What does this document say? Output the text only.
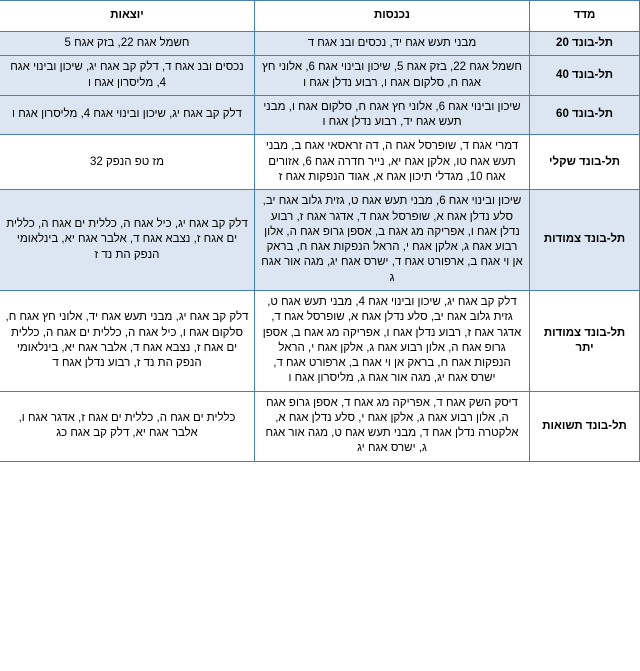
מדד	נכנסות	יוצאות
תל-בונד 20	מבני תעש אגח יד, נכסים ובנ אגח ד	חשמל אגח 22, בזק אגח 5
תל-בונד 40	חשמל אגח 22, בזק אגח 5, שיכון ובינוי אגח 6, אלוני חץ אגח ח, סלקום אגח ו, רבוע נדלן אגח ו	נכסים ובנ אגח ד, דלק קב אגח יג, שיכון ובינוי אגח 4, מליסרון אגח ו
תל-בונד 60	שיכון ובינוי אגח 6, אלוני חץ אגח ח, סלקום אגח ו, מבני תעש אגח יד, רבוע נדלן אגח ו	דלק קב אגח יג, שיכון ובינוי אגח 4, מליסרון אגח ו
תל-בונד שקלי	דמרי אגח ד, שופרסל אגח ה, דה זראסאי אגח ב, מבני תעש אגח טו, אלקן אגח יא, נייר חדרה אגח 6, אזורים אגח 10, מגדלי תיכון אגח א, אגוד הנפקות אגח ז	מז טפ הנפק 32
תל-בונד צמודות	שיכון ובינוי אגח 6, מבני תעש אגח ט, גזית גלוב אגח יב, סלע נדלן אגח א, שופרסל אגח ד, אדגר אגח ז, רבוע נדלן אגח ו, אפריקה מג אגח ב, אספן גרופ אגח ה, אלון רבוע אגח ג, אלקן אגח י, הראל הנפקות אגח ח, בראק אן וי אגח ב, ארפורט אגח ד, ישרס אגח יג, מגה אור אגח ג	דלק קב אגח יג, כיל אגח ה, כללית ים אגח ה, כללית ים אגח ז, נצבא אגח ד, אלבר אגח יא, בינלאומי הנפק הת נד ז
תל-בונד צמודות יתר	דלק קב אגח יג, שיכון ובינוי אגח 4, מבני תעש אגח ט, גזית גלוב אגח יב, סלע נדלן אגח א, שופרסל אגח ד, אדגר אגח ז, רבוע נדלן אגח ו, אפריקה מג אגח ב, אספן גרופ אגח ה, אלון רבוע אגח ג, אלקן אגח י, הראל הנפקות אגח ח, בראק אן וי אגח ב, ארפורט אגח ד, ישרס אגח יג, מגה אור אגח ג, מליסרון אגח ו	דלק קב אגח יג, מבני תעש אגח יד, אלוני חץ אגח ח, סלקום אגח ו, כיל אגח ה, כללית ים אגח ה, כללית ים אגח ז, נצבא אגח ד, אלבר אגח יא, בינלאומי הנפק הת נד ז, רבוע נדלן אגח ד
תל-בונד תשואות	דיסק השק אגח ד, אפריקה מג אגח ד, אספן גרופ אגח ה, אלון רבוע אגח ג, אלקן אגח י, סלע נדלן אגח א, אלקטרה נדלן אגח ד, מבני תעש אגח ט, מגה אור אגח ג, ישרס אגח יג	כללית ים אגח ה, כללית ים אגח ז, אדגר אגח ו, אלבר אגח יא, דלק קב אגח כג
